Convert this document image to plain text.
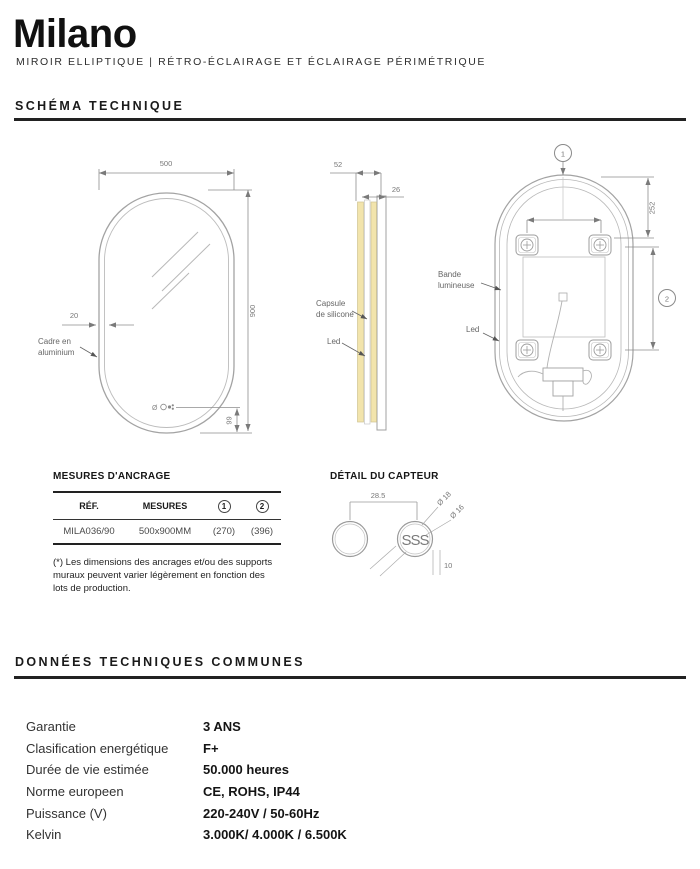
Milano
MIROIR ELLIPTIQUE | RÉTRO-ÉCLAIRAGE ET ÉCLAIRAGE PÉRIMÉTRIQUE
SCHÉMA TECHNIQUE
500
900
20
Cadre en
aluminium
Ø
99
52
26
Capsule
de silicone
Led
1
252
2
Bande
lumineuse
Led
MESURES D'ANCRAGE
RÉF.	MESURES	1	2
MILA036/90	500x900MM	(270)	(396)
(*) Les dimensions des ancrages et/ou des supports muraux peuvent varier légèrement en fonction des lots de production.
DÉTAIL DU CAPTEUR
SSS
28.5	Ø 18
Ø 16
10
DONNÉES TECHNIQUES COMMUNES
Garantie	3 ANS
Clasification energétique	F+
Durée de vie estimée	50.000 heures
Norme europeen	CE, ROHS, IP44
Puissance (V)	220-240V / 50-60Hz
Kelvin	3.000K/ 4.000K / 6.500K
